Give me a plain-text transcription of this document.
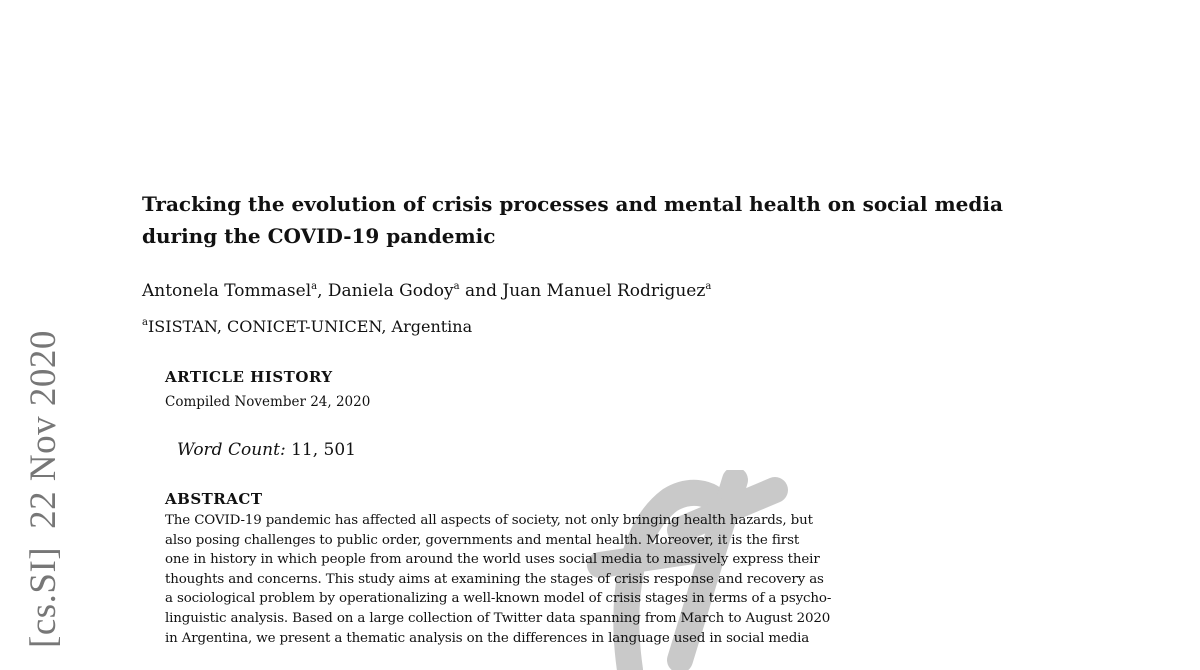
[cs.SI]22 Nov 2020
Tracking the evolution of crisis processes and mental health on social media
during the COVID-19 pandemic
Antonela Tommasel$^a$, Daniela Godoy$^a$ and Juan Manuel Rodriguez$^a$
$^a$ISISTAN, CONICET-UNICEN, Argentina
ARTICLE HISTORY
Compiled November 24, 2020
Word Count: 11, 501
ABSTRACT
The COVID-19 pandemic has affected all aspects of society, not only bringing health hazards, but
also posing challenges to public order, governments and mental health. Moreover, it is the first
one in history in which people from around the world uses social media to massively express their
thoughts and concerns. This study aims at examining the stages of crisis response and recovery as
a sociological problem by operationalizing a well-known model of crisis stages in terms of a psycho-
linguistic analysis. Based on a large collection of Twitter data spanning from March to August 2020
in Argentina, we present a thematic analysis on the differences in language used in social media
